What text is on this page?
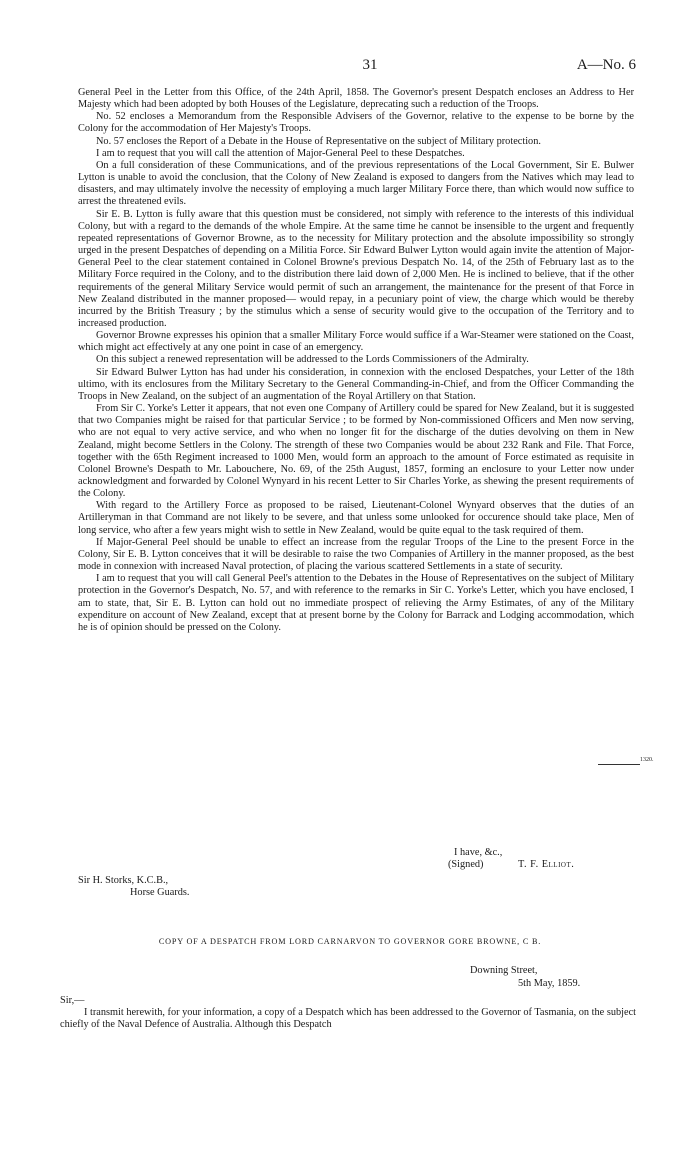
31	A—No. 6

General Peel in the Letter from this Office, of the 24th April, 1858. The Governor's present Despatch encloses an Address to Her Majesty which had been adopted by both Houses of the Legislature, deprecating such a reduction of the Troops.

No. 52 encloses a Memorandum from the Responsible Advisers of the Governor, relative to the expense to be borne by the Colony for the accommodation of Her Majesty's Troops.

No. 57 encloses the Report of a Debate in the House of Representative on the subject of Military protection.

I am to request that you will call the attention of Major-General Peel to these Despatches.

On a full consideration of these Communications, and of the previous representations of the Local Government, Sir E. Bulwer Lytton is unable to avoid the conclusion, that the Colony of New Zealand is exposed to dangers from the Natives which may lead to disasters, and may ultimately involve the necessity of employing a much larger Military Force there, than which would now suffice to arrest the threatened evils.

Sir E. B. Lytton is fully aware that this question must be considered, not simply with reference to the interests of this individual Colony, but with a regard to the demands of the whole Empire. At the same time he cannot be insensible to the urgent and frequently repeated representations of Governor Browne, as to the necessity for Military protection and the absolute impossibility so strongly urged in the present Despatches of depending on a Militia Force. Sir Edward Bulwer Lytton would again invite the attention of Major-General Peel to the clear statement contained in Colonel Browne's previous Despatch No. 14, of the 25th of February last as to the Military Force required in the Colony, and to the distribution there laid down of 2,000 Men. He is inclined to believe, that if the other requirements of the general Military Service would permit of such an arrangement, the maintenance for the present of that Force in New Zealand distributed in the manner proposed— would repay, in a pecuniary point of view, the charge which would be thereby incurred by the British Treasury ; by the stimulus which a sense of security would give to the occupation of the Territory and to increased production.

Governor Browne expresses his opinion that a smaller Military Force would suffice if a War-Steamer were stationed on the Coast, which might act effectively at any one point in case of an emergency.

On this subject a renewed representation will be addressed to the Lords Commissioners of the Admiralty.

Sir Edward Bulwer Lytton has had under his consideration, in connexion with the enclosed Despatches, your Letter of the 18th ultimo, with its enclosures from the Military Secretary to the General Commanding-in-Chief, and from the Officer Commanding the Troops in New Zealand, on the subject of an augmentation of the Royal Artillery on that Station.

From Sir C. Yorke's Letter it appears, that not even one Company of Artillery could be spared for New Zealand, but it is suggested that two Companies might be raised for that particular Service ; to be formed by Non-commissioned Officers and Men now serving, who are not equal to very active service, and who when no longer fit for the discharge of the duties devolving on them in New Zealand, might become Settlers in the Colony. The strength of these two Companies would be about 232 Rank and File. That Force, together with the 65th Regiment increased to 1000 Men, would form an approach to the amount of Force estimated as requisite in Colonel Browne's Despath to Mr. Labouchere, No. 69, of the 25th August, 1857, forming an enclosure to your Letter now under acknowledgment and forwarded by Colonel Wynyard in his recent Letter to Sir Charles Yorke, as shewing the present requirements of the Colony.

With regard to the Artillery Force as proposed to be raised, Lieutenant-Colonel Wynyard observes that the duties of an Artilleryman in that Command are not likely to be severe, and that unless some unlooked for occurence should take place, Men of long service, who after a few years might wish to settle in New Zealand, would be quite equal to the task required of them.

If Major-General Peel should be unable to effect an increase from the regular Troops of the Line to the present Force in the Colony, Sir E. B. Lytton conceives that it will be desirable to raise the two Companies of Artillery in the manner proposed, as the best mode in connexion with increased Naval protection, of placing the various scattered Settlements in a state of security.

I am to request that you will call General Peel's attention to the Debates in the House of Representatives on the subject of Military protection in the Governor's Despatch, No. 57, and with reference to the remarks in Sir C. Yorke's Letter, which you have enclosed, I am to state, that, Sir E. B. Lytton can hold out no immediate prospect of relieving the Army Estimates, of any of the Military expenditure on account of New Zealand, except that at present borne by the Colony for Barrack and Lodging accommodation, which he is of opinion should be pressed on the Colony.

I have, &c.,
(Signed)	T. F. Elliot.
Sir H. Storks, K.C.B.,
Horse Guards.
COPY OF A DESPATCH FROM LORD CARNARVON TO GOVERNOR GORE BROWNE, C B.
Downing Street,
5th May, 1859.
Sir,—

I transmit herewith, for your information, a copy of a Despatch which has been addressed to the Governor of Tasmania, on the subject chiefly of the Naval Defence of Australia. Although this Despatch

1320.
